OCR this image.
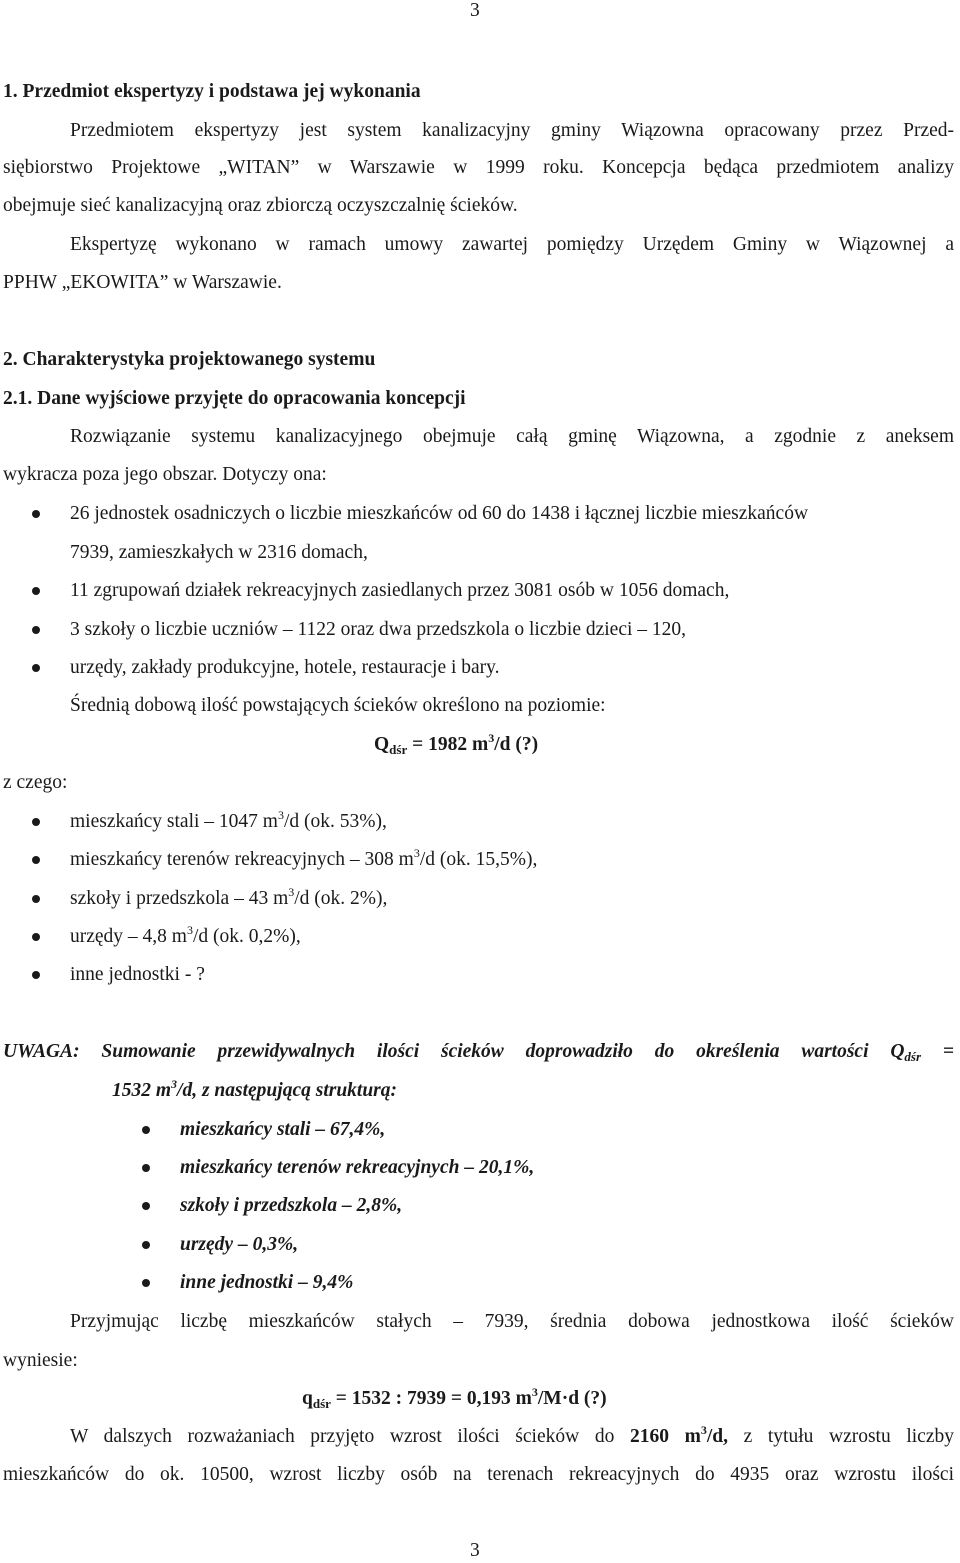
3
1. Przedmiot ekspertyzy i podstawa jej wykonania
Przedmiotem ekspertyzy jest system kanalizacyjny gminy Wiązowna opracowany przez Przed-
siębiorstwo Projektowe „WITAN” w Warszawie w 1999 roku. Koncepcja będąca przedmiotem analizy
obejmuje sieć kanalizacyjną oraz zbiorczą oczyszczalnię ścieków.
Ekspertyzę wykonano w ramach umowy zawartej pomiędzy Urzędem Gminy w Wiązownej a
PPHW „EKOWITA” w Warszawie.
2. Charakterystyka projektowanego systemu
2.1. Dane wyjściowe przyjęte do opracowania koncepcji
Rozwiązanie systemu kanalizacyjnego obejmuje całą gminę Wiązowna, a zgodnie z aneksem
wykracza poza jego obszar. Dotyczy ona:
26 jednostek osadniczych o liczbie mieszkańców od 60 do 1438 i łącznej liczbie mieszkańców
7939, zamieszkałych w 2316 domach,
11 zgrupowań działek rekreacyjnych zasiedlanych przez 3081 osób w 1056 domach,
3 szkoły o liczbie uczniów – 1122 oraz dwa przedszkola o liczbie dzieci – 120,
urzędy, zakłady produkcyjne, hotele, restauracje i bary.
Średnią dobową ilość powstających ścieków określono na poziomie:
$Q_{dśr} = 1982$ $m^3/d$ (?)
z czego:
mieszkańcy stali – 1047 $m^3/d$ (ok. 53%),
mieszkańcy terenów rekreacyjnych – 308 $m^3/d$ (ok. 15,5%),
szkoły i przedszkola – 43 $m^3/d$ (ok. 2%),
urzędy – 4,8 $m^3/d$ (ok. 0,2%),
inne jednostki - ?
UWAGA: Sumowanie przewidywalnych ilości ścieków doprowadziło do określenia wartości $Q_{dśr}$ =
1532 $m^3/d$, z następującą strukturą:
mieszkańcy stali – 67,4%,
mieszkańcy terenów rekreacyjnych – 20,1%,
szkoły i przedszkola – 2,8%,
urzędy – 0,3%,
inne jednostki – 9,4%
Przyjmując liczbę mieszkańców stałych – 7939, średnia dobowa jednostkowa ilość ścieków
wyniesie:
$q_{dśr} = 1532$ : 7939 = 0,193 $m^3/M\cdot d$ (?)
W dalszych rozważaniach przyjęto wzrost ilości ścieków do 2160 $m^3/d$, z tytułu wzrostu liczby
mieszkańców do ok. 10500, wzrost liczby osób na terenach rekreacyjnych do 4935 oraz wzrostu ilości
3
